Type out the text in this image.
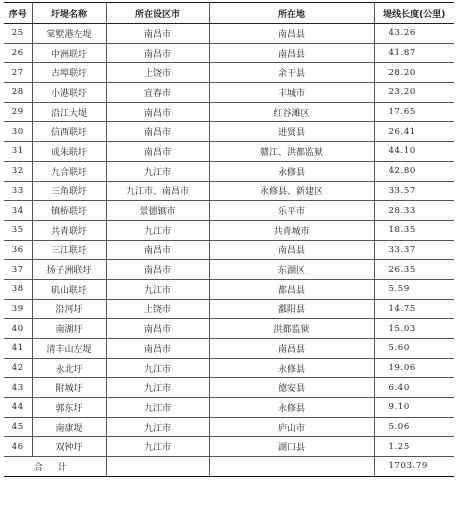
序号	圩堤名称	所在设区市	所在地	堤线长度(公里)
25	棠墅港左堤	南昌市	南昌县	43.26
26	中洲联圩	南昌市	南昌县	41.87
27	古埠联圩	上饶市	余干县	28.20
28	小港联圩	宜春市	丰城市	23.20
29	沿江大堤	南昌市	红谷滩区	17.65
30	信西联圩	南昌市	进贤县	26.41
31	成朱联圩	南昌市	赣江、洪都监狱	44.10
32	九合联圩	九江市	永修县	42.80
33	三角联圩	九江市、南昌市	永修县、新建区	33.57
34	镇桥联圩	景德镇市	乐平市	28.33
35	共青联圩	九江市	共青城市	18.35
36	三江联圩	南昌市	南昌县	33.37
37	扬子洲联圩	南昌市	东湖区	26.35
38	矶山联圩	九江市	都昌县	5.59
39	沿河圩	上饶市	鄱阳县	14.75
40	南湖圩	南昌市	洪都监狱	15.03
41	清丰山左堤	南昌市	南昌县	5.60
42	永北圩	九江市	永修县	19.06
43	附城圩	九江市	德安县	6.40
44	郭东圩	九江市	永修县	9.10
45	南康堤	九江市	庐山市	5.06
46	双钟圩	九江市	湖口县	1.25
合 计				1703.79
